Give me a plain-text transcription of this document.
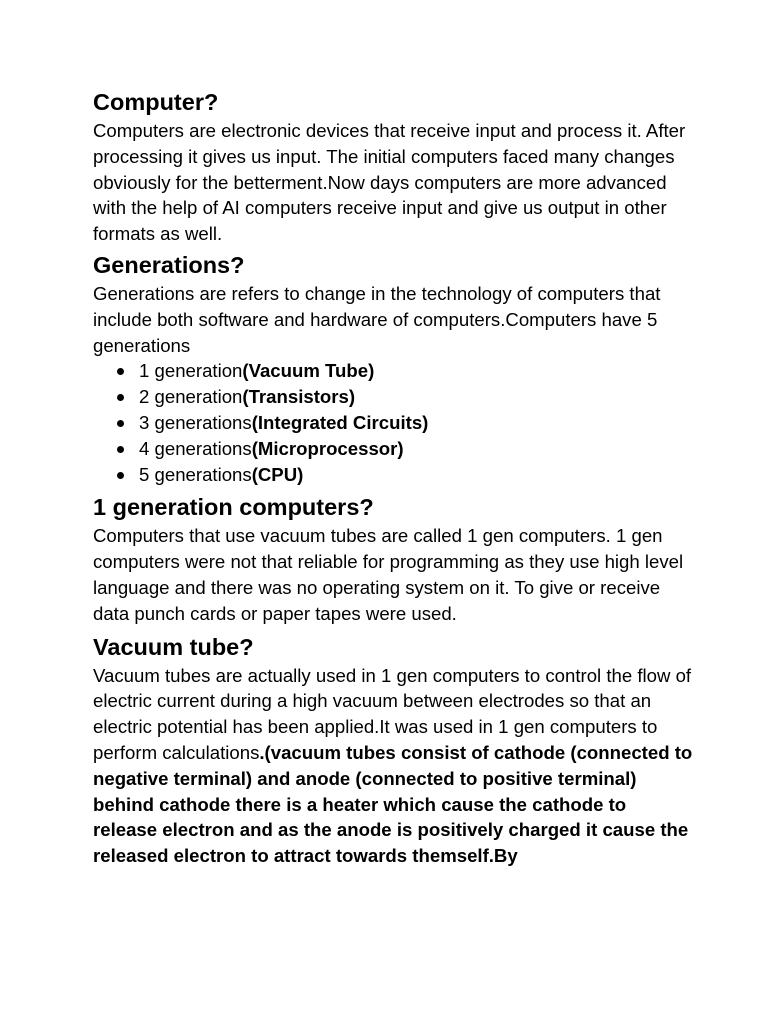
Computer?

Computers are electronic devices that receive input and process it. After processing it gives us input. The initial computers faced many changes obviously for the betterment.Now days computers are more advanced with the help of AI computers receive input and give us output in other formats as well.

Generations?

Generations are refers to change in the technology of computers that include both software and hardware of computers.Computers have 5 generations

1 generation(Vacuum Tube)
2 generation(Transistors)
3 generations(Integrated Circuits)
4 generations(Microprocessor)
5 generations(CPU)
1 generation computers?

Computers that use vacuum tubes are called 1 gen computers. 1 gen computers were not that reliable for programming as they use high level language and there was no operating system on it. To give or receive data punch cards or paper tapes were used.

Vacuum tube?

Vacuum tubes are actually used in 1 gen computers to control the flow of electric current during a high vacuum between electrodes so that an electric potential has been applied.It was used in 1 gen computers to perform calculations.(vacuum tubes consist of cathode (connected to negative terminal) and anode (connected to positive terminal) behind cathode there is a heater which cause the cathode to release electron and as the anode is positively charged it cause the released electron to attract towards themself.By
